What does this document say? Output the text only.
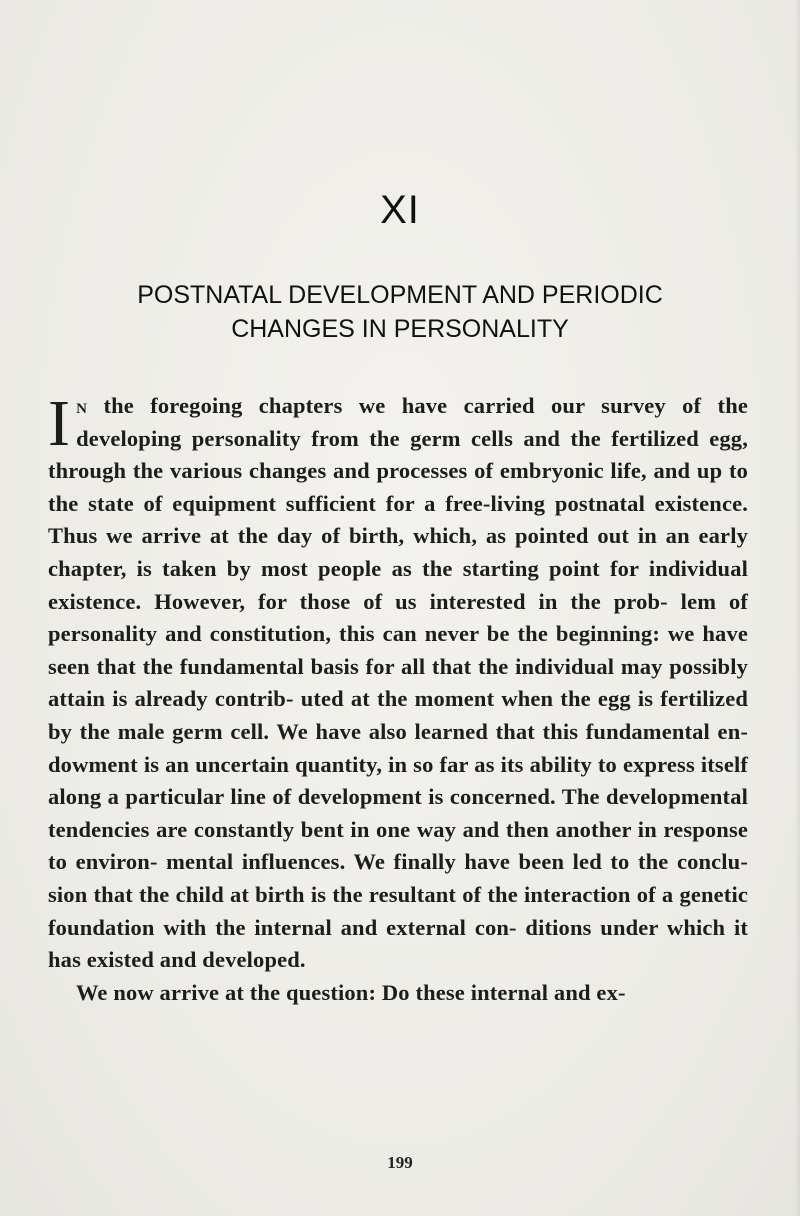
XI
POSTNATAL DEVELOPMENT AND PERIODIC
CHANGES IN PERSONALITY

I n the foregoing chapters we have carried our survey of the developing personality from the germ cells and the fertilized egg, through the various changes and processes of embryonic life, and up to the state of equipment sufficient for a free-living postnatal existence. Thus we arrive at the day of birth, which, as pointed out in an early chapter, is taken by most people as the starting point for individual existence. However, for those of us interested in the prob- lem of personality and constitution, this can never be the beginning: we have seen that the fundamental basis for all that the individual may possibly attain is already contrib- uted at the moment when the egg is fertilized by the male germ cell. We have also learned that this fundamental en- dowment is an uncertain quantity, in so far as its ability to express itself along a particular line of development is concerned. The developmental tendencies are constantly bent in one way and then another in response to environ- mental influences. We finally have been led to the conclu- sion that the child at birth is the resultant of the interaction of a genetic foundation with the internal and external con- ditions under which it has existed and developed.

We now arrive at the question: Do these internal and ex-

199
